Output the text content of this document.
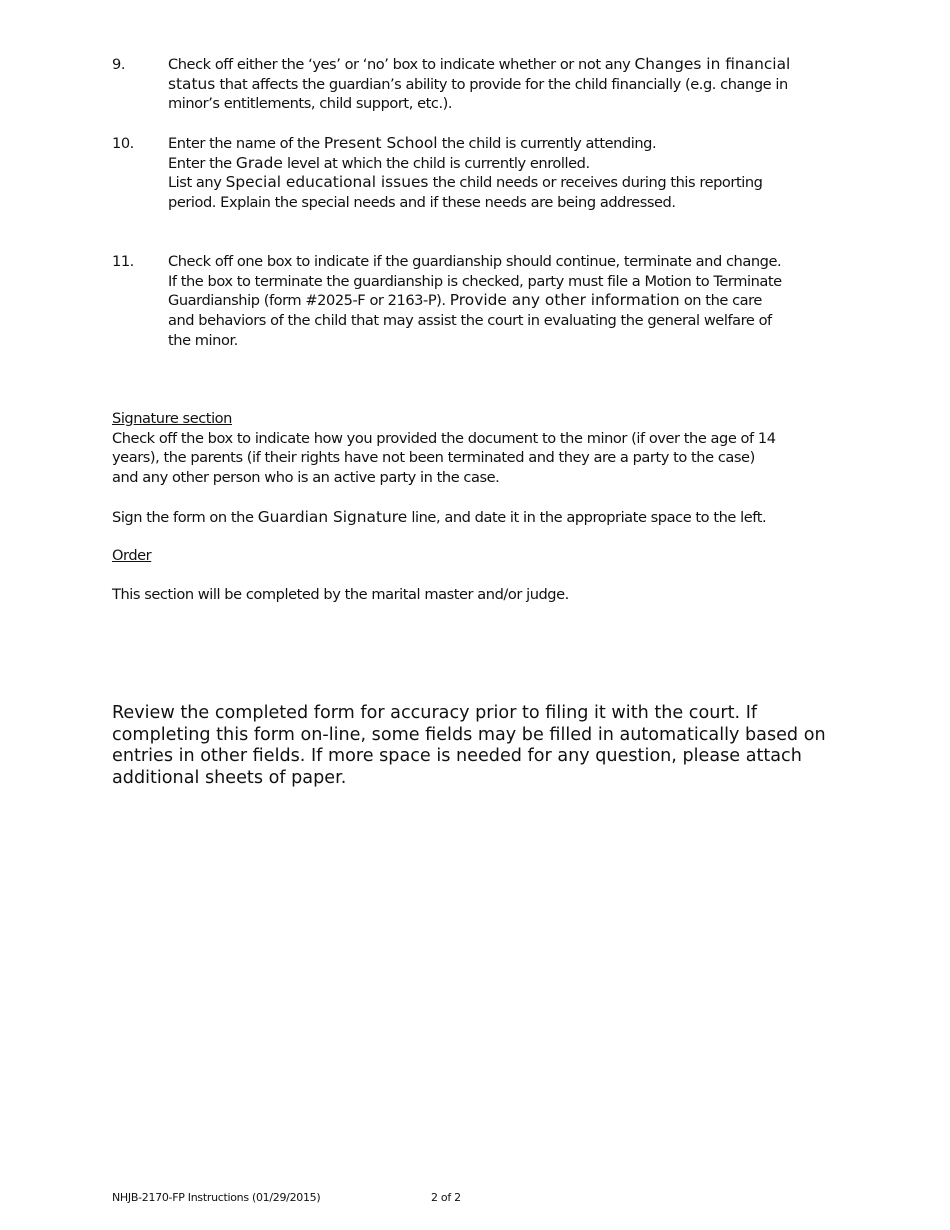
9.	Check off either the ‘yes’ or ‘no’ box to indicate whether or not any Changes in financial
status that affects the guardian’s ability to provide for the child financially (e.g. change in
minor’s entitlements, child support, etc.).
10. Enter the name of the Present School the child is currently attending.
Enter the Grade level at which the child is currently enrolled.
List any Special educational issues the child needs or receives during this reporting
period. Explain the special needs and if these needs are being addressed.
11. Check off one box to indicate if the guardianship should continue, terminate and change.
If the box to terminate the guardianship is checked, party must file a Motion to Terminate
Guardianship (form #2025-F or 2163-P). Provide any other information on the care
and behaviors of the child that may assist the court in evaluating the general welfare of
the minor.
Signature section
Check off the box to indicate how you provided the document to the minor (if over the age of 14
years), the parents (if their rights have not been terminated and they are a party to the case)
and any other person who is an active party in the case.
Sign the form on the Guardian Signature line, and date it in the appropriate space to the left.
Order
This section will be completed by the marital master and/or judge.
Review the completed form for accuracy prior to filing it with the court. If
completing this form on-line, some fields may be filled in automatically based on
entries in other fields. If more space is needed for any question, please attach
additional sheets of paper.
NHJB-2170-FP Instructions (01/29/2015)	2 of 2
